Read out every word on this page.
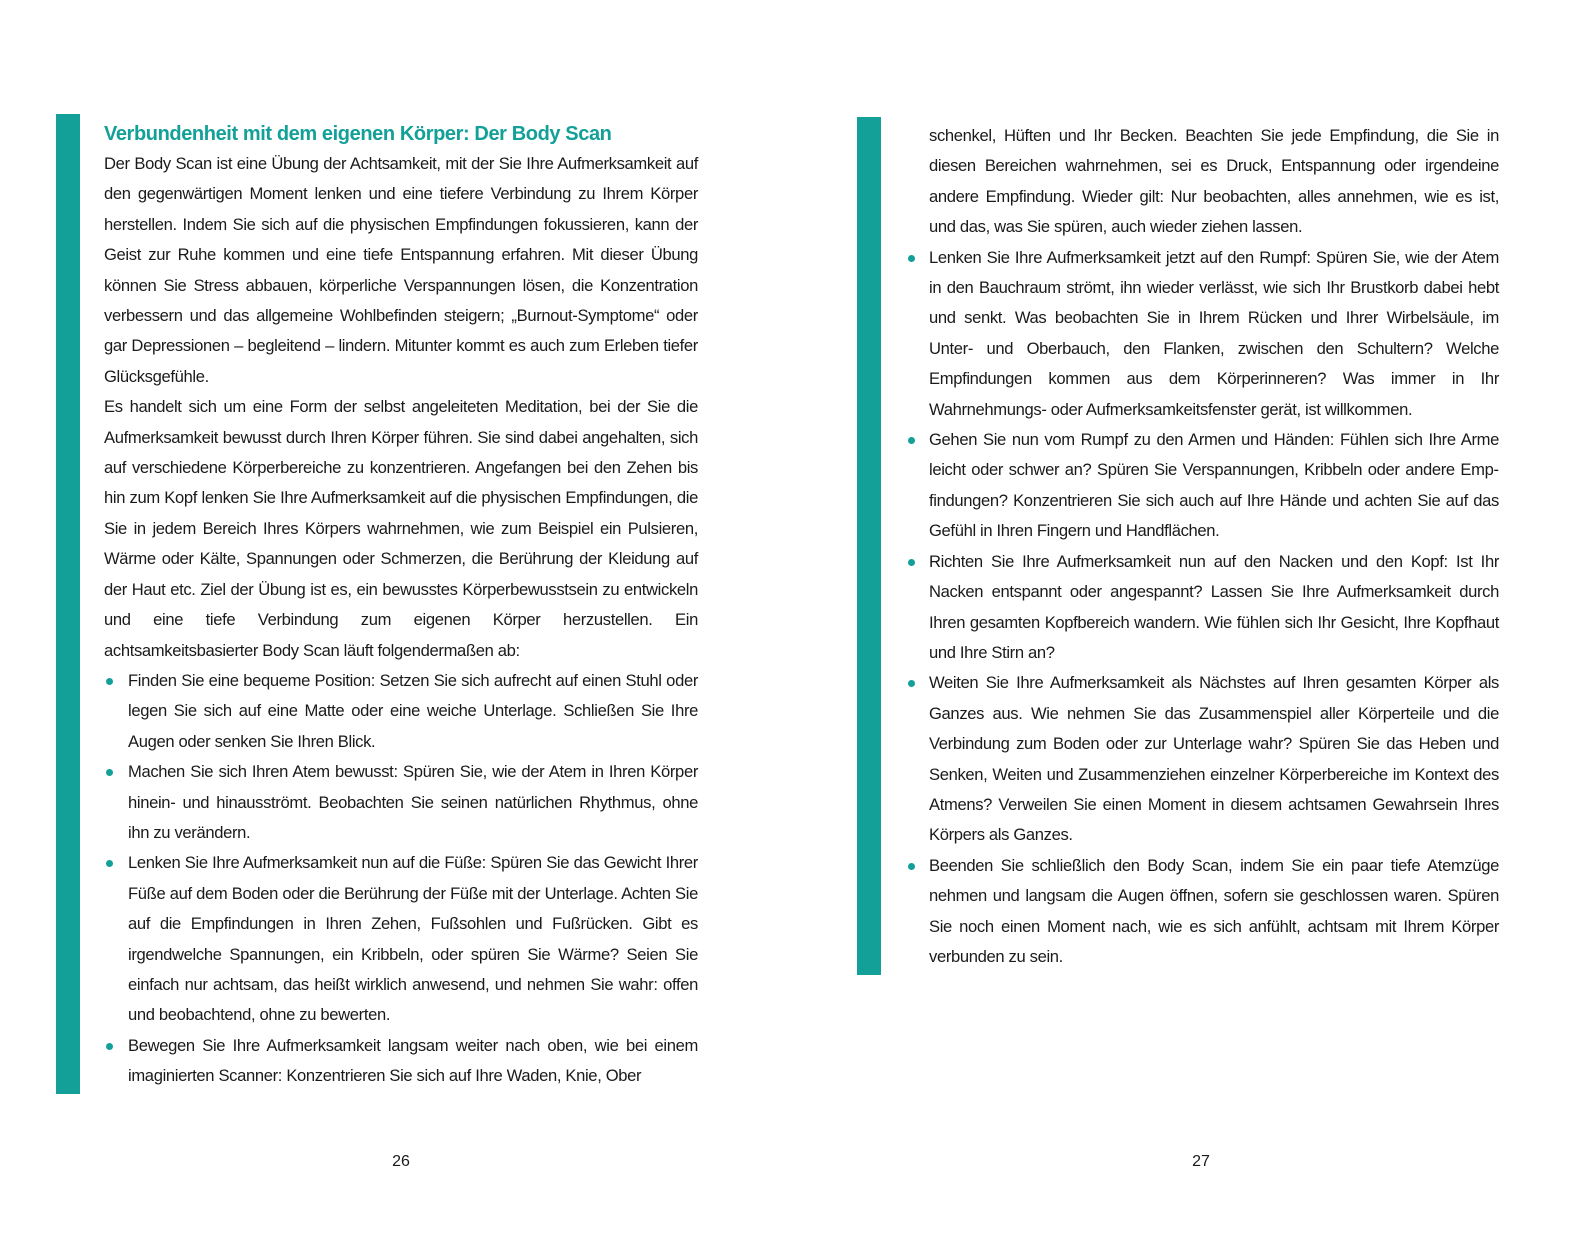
Verbundenheit mit dem eigenen Körper: Der Body Scan

Der Body Scan ist eine Übung der Achtsamkeit, mit der Sie Ihre Aufmerksamkeit auf den gegenwärtigen Moment lenken und eine tiefere Verbindung zu Ihrem Körper herstellen. Indem Sie sich auf die physischen Empfindungen fokussieren, kann der Geist zur Ruhe kommen und eine tiefe Entspannung erfahren. Mit dieser Übung können Sie Stress abbauen, körperliche Verspannungen lösen, die Konzentration verbessern und das allgemeine Wohlbefinden steigern; „Burnout-Symptome“ oder gar Depressionen – begleitend – lindern. Mitunter kommt es auch zum Erleben tiefer Glücksgefühle.

Es handelt sich um eine Form der selbst angeleiteten Meditation, bei der Sie die Aufmerksamkeit bewusst durch Ihren Körper führen. Sie sind dabei angehalten, sich auf verschiedene Körperbereiche zu konzentrieren. Angefangen bei den Zehen bis hin zum Kopf lenken Sie Ihre Aufmerksamkeit auf die physischen Empfindungen, die Sie in jedem Bereich Ihres Körpers wahrnehmen, wie zum Beispiel ein Pulsieren, Wärme oder Kälte, Spannungen oder Schmerzen, die Berührung der Kleidung auf der Haut etc. Ziel der Übung ist es, ein bewusstes Körperbewusstsein zu entwickeln und eine tiefe Verbindung zum eigenen Körper herzustellen. Ein achtsamkeitsbasierter Body Scan läuft folgendermaßen ab:

Finden Sie eine bequeme Position: Setzen Sie sich aufrecht auf einen Stuhl oder legen Sie sich auf eine Matte oder eine weiche Unterlage. Schließen Sie Ihre Augen oder senken Sie Ihren Blick.
Machen Sie sich Ihren Atem bewusst: Spüren Sie, wie der Atem in Ihren Körper hinein- und hinausströmt. Beobachten Sie seinen natürlichen Rhythmus, ohne ihn zu verändern.
Lenken Sie Ihre Aufmerksamkeit nun auf die Füße: Spüren Sie das Gewicht Ihrer Füße auf dem Boden oder die Berührung der Füße mit der Unterlage. Achten Sie auf die Empfindungen in Ihren Zehen, Fußsohlen und Fußrücken. Gibt es irgendwelche Spannungen, ein Kribbeln, oder spüren Sie Wärme? Seien Sie einfach nur achtsam, das heißt wirklich anwesend, und nehmen Sie wahr: offen und beobachtend, ohne zu bewerten.
Bewegen Sie Ihre Aufmerksamkeit langsam weiter nach oben, wie bei einem imaginierten Scanner: Konzentrieren Sie sich auf Ihre Waden, Knie, Ober
26

schenkel, Hüften und Ihr Becken. Beachten Sie jede Empfindung, die Sie in diesen Bereichen wahrnehmen, sei es Druck, Entspannung oder irgendeine andere Empfindung. Wieder gilt: Nur beobachten, alles annehmen, wie es ist, und das, was Sie spüren, auch wieder ziehen lassen.

Lenken Sie Ihre Aufmerksamkeit jetzt auf den Rumpf: Spüren Sie, wie der Atem in den Bauchraum strömt, ihn wieder verlässt, wie sich Ihr Brustkorb dabei hebt und senkt. Was beobachten Sie in Ihrem Rücken und Ihrer Wirbelsäule, im Unter- und Oberbauch, den Flanken, zwischen den Schultern? Welche Empfindungen kommen aus dem Körperinneren? Was immer in Ihr Wahrnehmungs- oder Aufmerksamkeitsfenster gerät, ist willkommen.
Gehen Sie nun vom Rumpf zu den Armen und Händen: Fühlen sich Ihre Arme leicht oder schwer an? Spüren Sie Verspannungen, Kribbeln oder andere Empfindungen? Konzentrieren Sie sich auch auf Ihre Hände und achten Sie auf das Gefühl in Ihren Fingern und Handflächen.
Richten Sie Ihre Aufmerksamkeit nun auf den Nacken und den Kopf: Ist Ihr Nacken entspannt oder angespannt? Lassen Sie Ihre Aufmerksamkeit durch Ihren gesamten Kopfbereich wandern. Wie fühlen sich Ihr Gesicht, Ihre Kopfhaut und Ihre Stirn an?
Weiten Sie Ihre Aufmerksamkeit als Nächstes auf Ihren gesamten Körper als Ganzes aus. Wie nehmen Sie das Zusammenspiel aller Körperteile und die Verbindung zum Boden oder zur Unterlage wahr? Spüren Sie das Heben und Senken, Weiten und Zusammenziehen einzelner Körperbereiche im Kontext des Atmens? Verweilen Sie einen Moment in diesem achtsamen Gewahrsein Ihres Körpers als Ganzes.
Beenden Sie schließlich den Body Scan, indem Sie ein paar tiefe Atemzüge nehmen und langsam die Augen öffnen, sofern sie geschlossen waren. Spüren Sie noch einen Moment nach, wie es sich anfühlt, achtsam mit Ihrem Körper verbunden zu sein.
27
